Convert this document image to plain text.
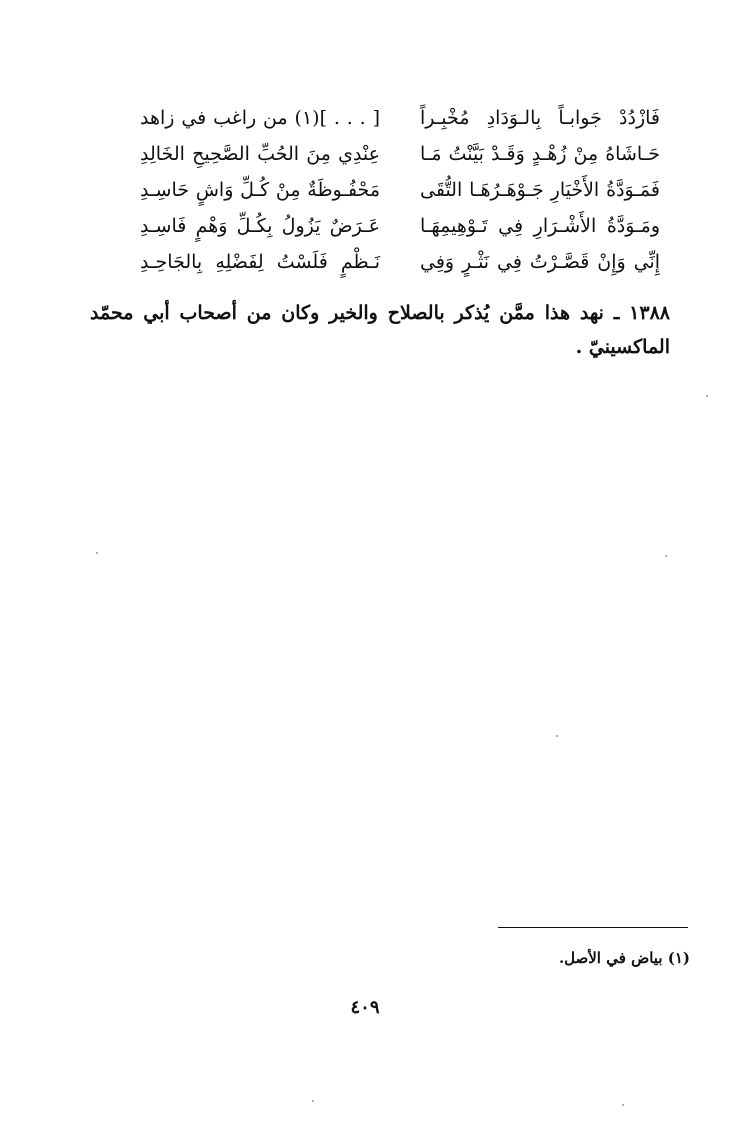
فَازْدُدْ جَوابـاً بِالـوَدَادِ مُخْبِـراً
[ . . . ](١) من راغب في زاهد
حَـاشَاهُ مِنْ زُهْـدٍ وَقَـدْ بَيَّنْتُ مَـا
عِنْدِي مِنَ الحُبِّ الصَّحِيحِ الخَالِدِ
فَمَـوَدَّةُ الأَخْيَارِ جَـوْهَـرُهَـا التُّقَى
مَحْفُـوظَةٌ مِنْ كُـلِّ وَاشٍ حَاسِـدِ
ومَـوَدَّةُ الأَشْـرَارِ فِي تَـوْهِيمِهَـا
عَـرَضٌ يَزُولُ بِكُـلِّ وَهْمٍ فَاسِـدِ
إِنِّي وَإِنْ قَصَّـرْتُ فِي نَثْـرٍ وَفِي
نَـظْمٍ فَلَسْتُ لِفَضْلِهِ بِالجَاحِـدِ
١٣٨٨ ـ نهد هذا ممَّن يُذكر بالصلاح والخير وكان من أصحاب أبي محمّد الماكسينيّ .
(١) بياض في الأصل.
٤٠٩
